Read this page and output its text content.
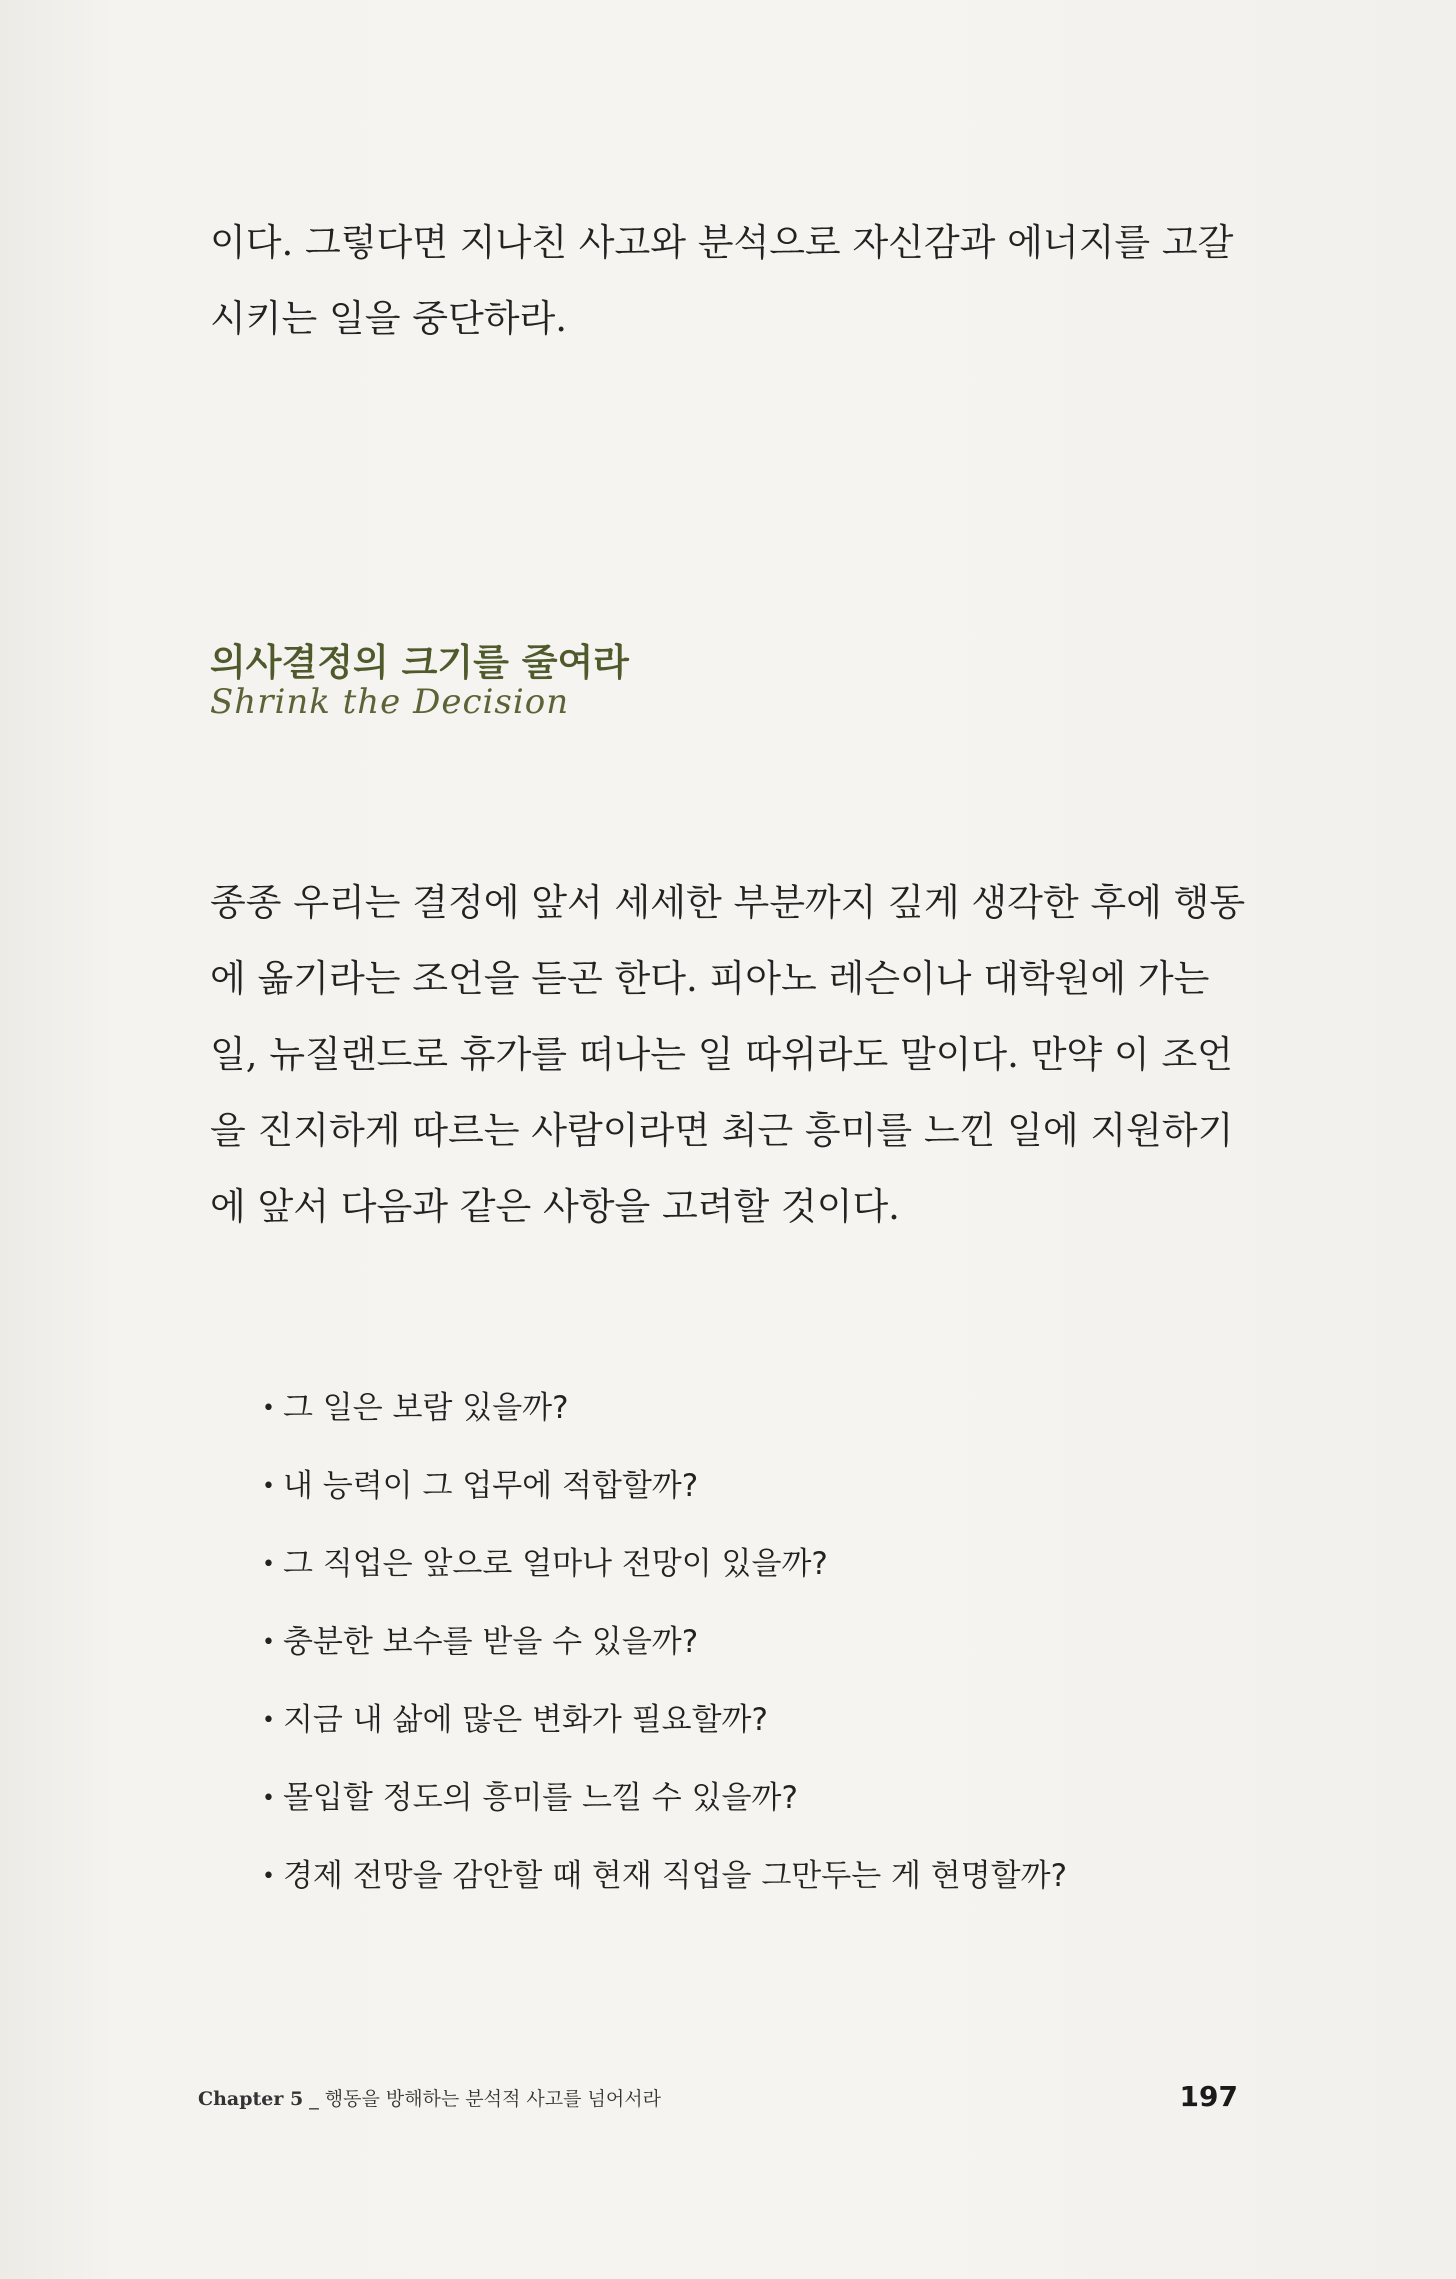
이다. 그렇다면 지나친 사고와 분석으로 자신감과 에너지를 고갈
시키는 일을 중단하라.

의사결정의 크기를 줄여라
Shrink the Decision

종종 우리는 결정에 앞서 세세한 부분까지 깊게 생각한 후에 행동
에 옮기라는 조언을 듣곤 한다. 피아노 레슨이나 대학원에 가는
일, 뉴질랜드로 휴가를 떠나는 일 따위라도 말이다. 만약 이 조언
을 진지하게 따르는 사람이라면 최근 흥미를 느낀 일에 지원하기
에 앞서 다음과 같은 사항을 고려할 것이다.

• 그 일은 보람 있을까?
• 내 능력이 그 업무에 적합할까?
• 그 직업은 앞으로 얼마나 전망이 있을까?
• 충분한 보수를 받을 수 있을까?
• 지금 내 삶에 많은 변화가 필요할까?
• 몰입할 정도의 흥미를 느낄 수 있을까?
• 경제 전망을 감안할 때 현재 직업을 그만두는 게 현명할까?
Chapter 5 _ 행동을 방해하는 분석적 사고를 넘어서라	197
